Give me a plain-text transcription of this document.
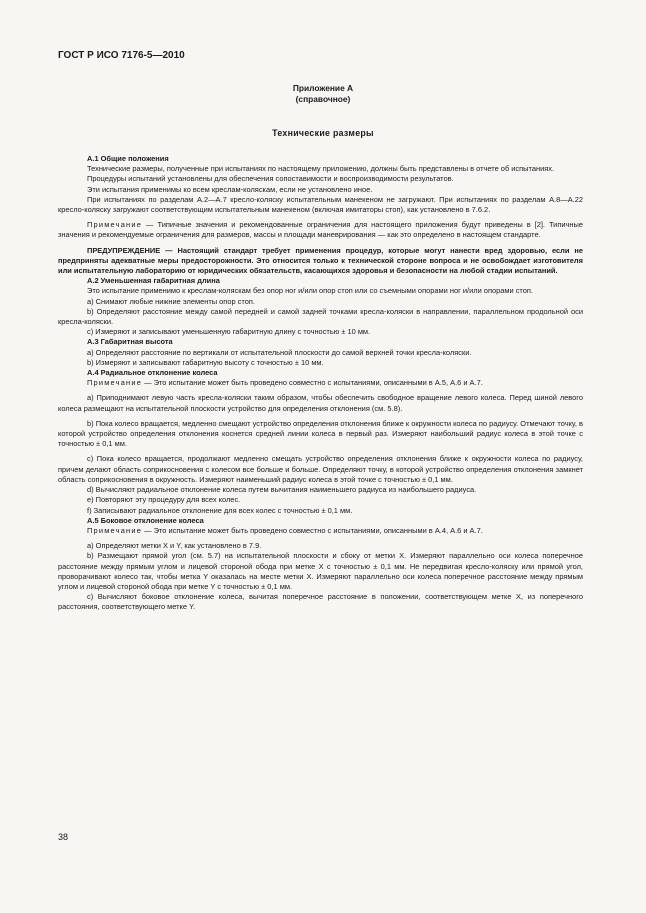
ГОСТ Р ИСО 7176-5—2010
Приложение А
(справочное)
Технические размеры

А.1 Общие положения

Технические размеры, полученные при испытаниях по настоящему приложению, должны быть представлены в отчете об испытаниях.

Процедуры испытаний установлены для обеспечения сопоставимости и воспроизводимости результатов.

Эти испытания применимы ко всем креслам-коляскам, если не установлено иное.

При испытаниях по разделам А.2—А.7 кресло-коляску испытательным манекеном не загружают. При испытаниях по разделам А.8—А.22 кресло-коляску загружают соответствующим испытательным манекеном (включая имитаторы стоп), как установлено в 7.6.2.

Примечание — Типичные значения и рекомендованные ограничения для настоящего приложения будут приведены в [2]. Типичные значения и рекомендуемые ограничения для размеров, массы и площади маневрирования — как это определено в настоящем стандарте.

ПРЕДУПРЕЖДЕНИЕ — Настоящий стандарт требует применения процедур, которые могут нанести вред здоровью, если не предприняты адекватные меры предосторожности. Это относится только к технической стороне вопроса и не освобождает изготовителя или испытательную лабораторию от юридических обязательств, касающихся здоровья и безопасности на любой стадии испытаний.

А.2 Уменьшенная габаритная длина

Это испытание применимо к креслам-коляскам без опор ног и/или опор стоп или со съемными опорами ног и/или опорами стоп.

a) Снимают любые нижние элементы опор стоп.

b) Определяют расстояние между самой передней и самой задней точками кресла-коляски в направлении, параллельном продольной оси кресла-коляски.

c) Измеряют и записывают уменьшенную габаритную длину с точностью ± 10 мм.

А.3 Габаритная высота

a) Определяют расстояние по вертикали от испытательной плоскости до самой верхней точки кресла-коляски.

b) Измеряют и записывают габаритную высоту с точностью ± 10 мм.

А.4 Радиальное отклонение колеса

Примечание — Это испытание может быть проведено совместно с испытаниями, описанными в А.5, А.6 и А.7.

a) Приподнимают левую часть кресла-коляски таким образом, чтобы обеспечить свободное вращение левого колеса. Перед шиной левого колеса размещают на испытательной плоскости устройство для определения отклонения (см. 5.8).

b) Пока колесо вращается, медленно смещают устройство определения отклонения ближе к окружности колеса по радиусу. Отмечают точку, в которой устройство определения отклонения коснется средней линии колеса в первый раз. Измеряют наибольший радиус колеса в этой точке с точностью ± 0,1 мм.

c) Пока колесо вращается, продолжают медленно смещать устройство определения отклонения ближе к окружности колеса по радиусу, причем делают область соприкосновения с колесом все больше и больше. Определяют точку, в которой устройство определения отклонения замкнет область соприкосновения в окружность. Измеряют наименьший радиус колеса в этой точке с точностью ± 0,1 мм.

d) Вычисляют радиальное отклонение колеса путем вычитания наименьшего радиуса из наибольшего радиуса.

e) Повторяют эту процедуру для всех колес.

f) Записывают радиальное отклонение для всех колес с точностью ± 0,1 мм.

А.5 Боковое отклонение колеса

Примечание — Это испытание может быть проведено совместно с испытаниями, описанными в А.4, А.6 и А.7.

a) Определяют метки X и Y, как установлено в 7.9.

b) Размещают прямой угол (см. 5.7) на испытательной плоскости и сбоку от метки X. Измеряют параллельно оси колеса поперечное расстояние между прямым углом и лицевой стороной обода при метке X с точностью ± 0,1 мм. Не передвигая кресло-коляску или прямой угол, проворачивают колесо так, чтобы метка Y оказалась на месте метки X. Измеряют параллельно оси колеса поперечное расстояние между прямым углом и лицевой стороной обода при метке Y с точностью ± 0,1 мм.

c) Вычисляют боковое отклонение колеса, вычитая поперечное расстояние в положении, соответствующем метке X, из поперечного расстояния, соответствующего метке Y.

38
